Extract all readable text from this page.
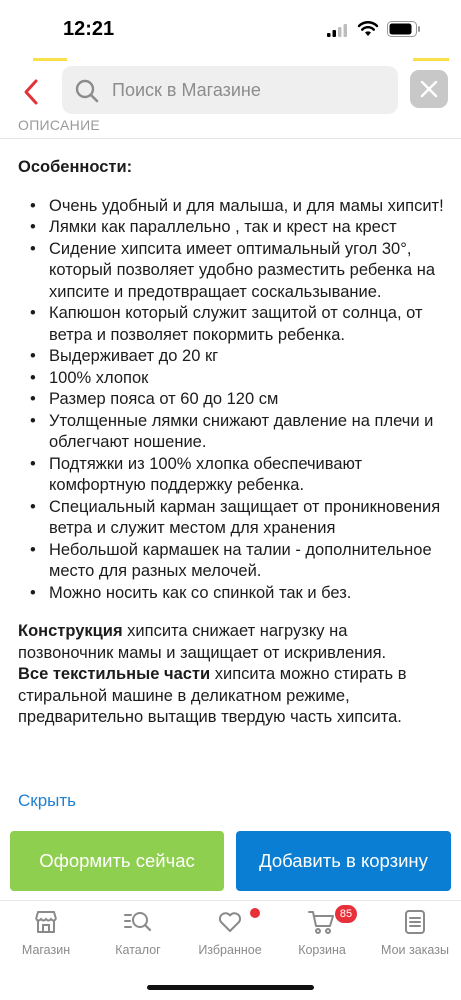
12:21
Поиск в Магазине
ОПИСАНИЕ
Особенности:
• Очень удобный и для малыша, и для мамы хипсит!
• Лямки как параллельно , так и крест на крест
• Сидение хипсита имеет оптимальный угол 30°, который позволяет удобно разместить ребенка на хипсите и предотвращает соскальзывание.
• Капюшон который служит защитой от солнца, от ветра и позволяет покормить ребенка.
• Выдерживает до 20 кг
• 100% хлопок
• Размер пояса от 60 до 120 см
• Утолщенные лямки снижают давление на плечи и облегчают ношение.
• Подтяжки из 100% хлопка обеспечивают комфортную поддержку ребенка.
• Специальный карман защищает от проникновения ветра и служит местом для хранения
• Небольшой кармашек на талии - дополнительное место для разных мелочей.
• Можно носить как со спинкой так и без.
Конструкция хипсита снижает нагрузку на позвоночник мамы и защищает от искривления.
Все текстильные части хипсита можно стирать в стиральной машине в деликатном режиме, предварительно вытащив твердую часть хипсита.
Скрыть
Оформить сейчас	Добавить в корзину
Магазин	Каталог	Избранное
85
Корзина	Мои заказы
